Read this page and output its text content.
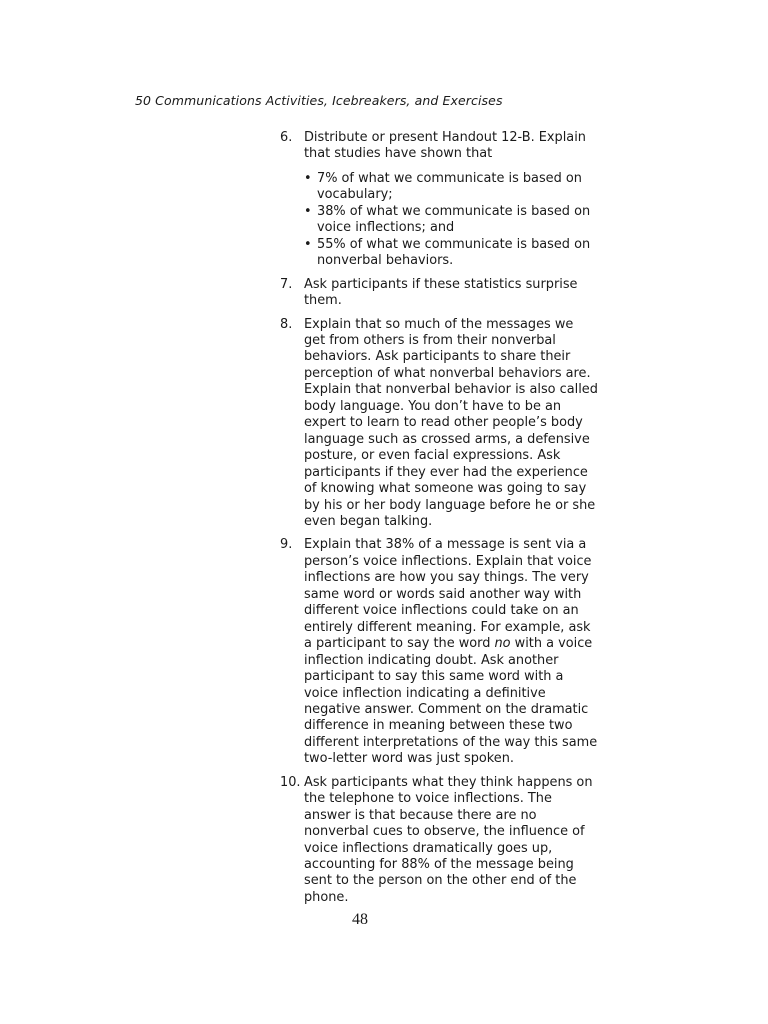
50 Communications Activities, Icebreakers, and Exercises
6. Distribute or present Handout 12-B. Explain that studies have shown that
• 7% of what we communicate is based on vocabulary;
• 38% of what we communicate is based on voice inflections; and
• 55% of what we communicate is based on nonverbal behaviors.
7. Ask participants if these statistics surprise them.
8. Explain that so much of the messages we get from others is from their nonverbal behaviors. Ask participants to share their perception of what nonverbal behaviors are. Explain that nonverbal behavior is also called body language. You don’t have to be an expert to learn to read other people’s body language such as crossed arms, a defensive posture, or even facial expressions. Ask participants if they ever had the experience of knowing what someone was going to say by his or her body language before he or she even began talking.
9. Explain that 38% of a message is sent via a person’s voice inflections. Explain that voice inflections are how you say things. The very same word or words said another way with different voice inflections could take on an entirely different meaning. For example, ask a participant to say the word no with a voice inflection indicating doubt. Ask another participant to say this same word with a voice inflection indicating a definitive negative answer. Comment on the dramatic difference in meaning between these two different interpretations of the way this same two-letter word was just spoken.
10. Ask participants what they think happens on the telephone to voice inflections. The answer is that because there are no nonverbal cues to observe, the influence of voice inflections dramatically goes up, accounting for 88% of the message being sent to the person on the other end of the phone.
48
